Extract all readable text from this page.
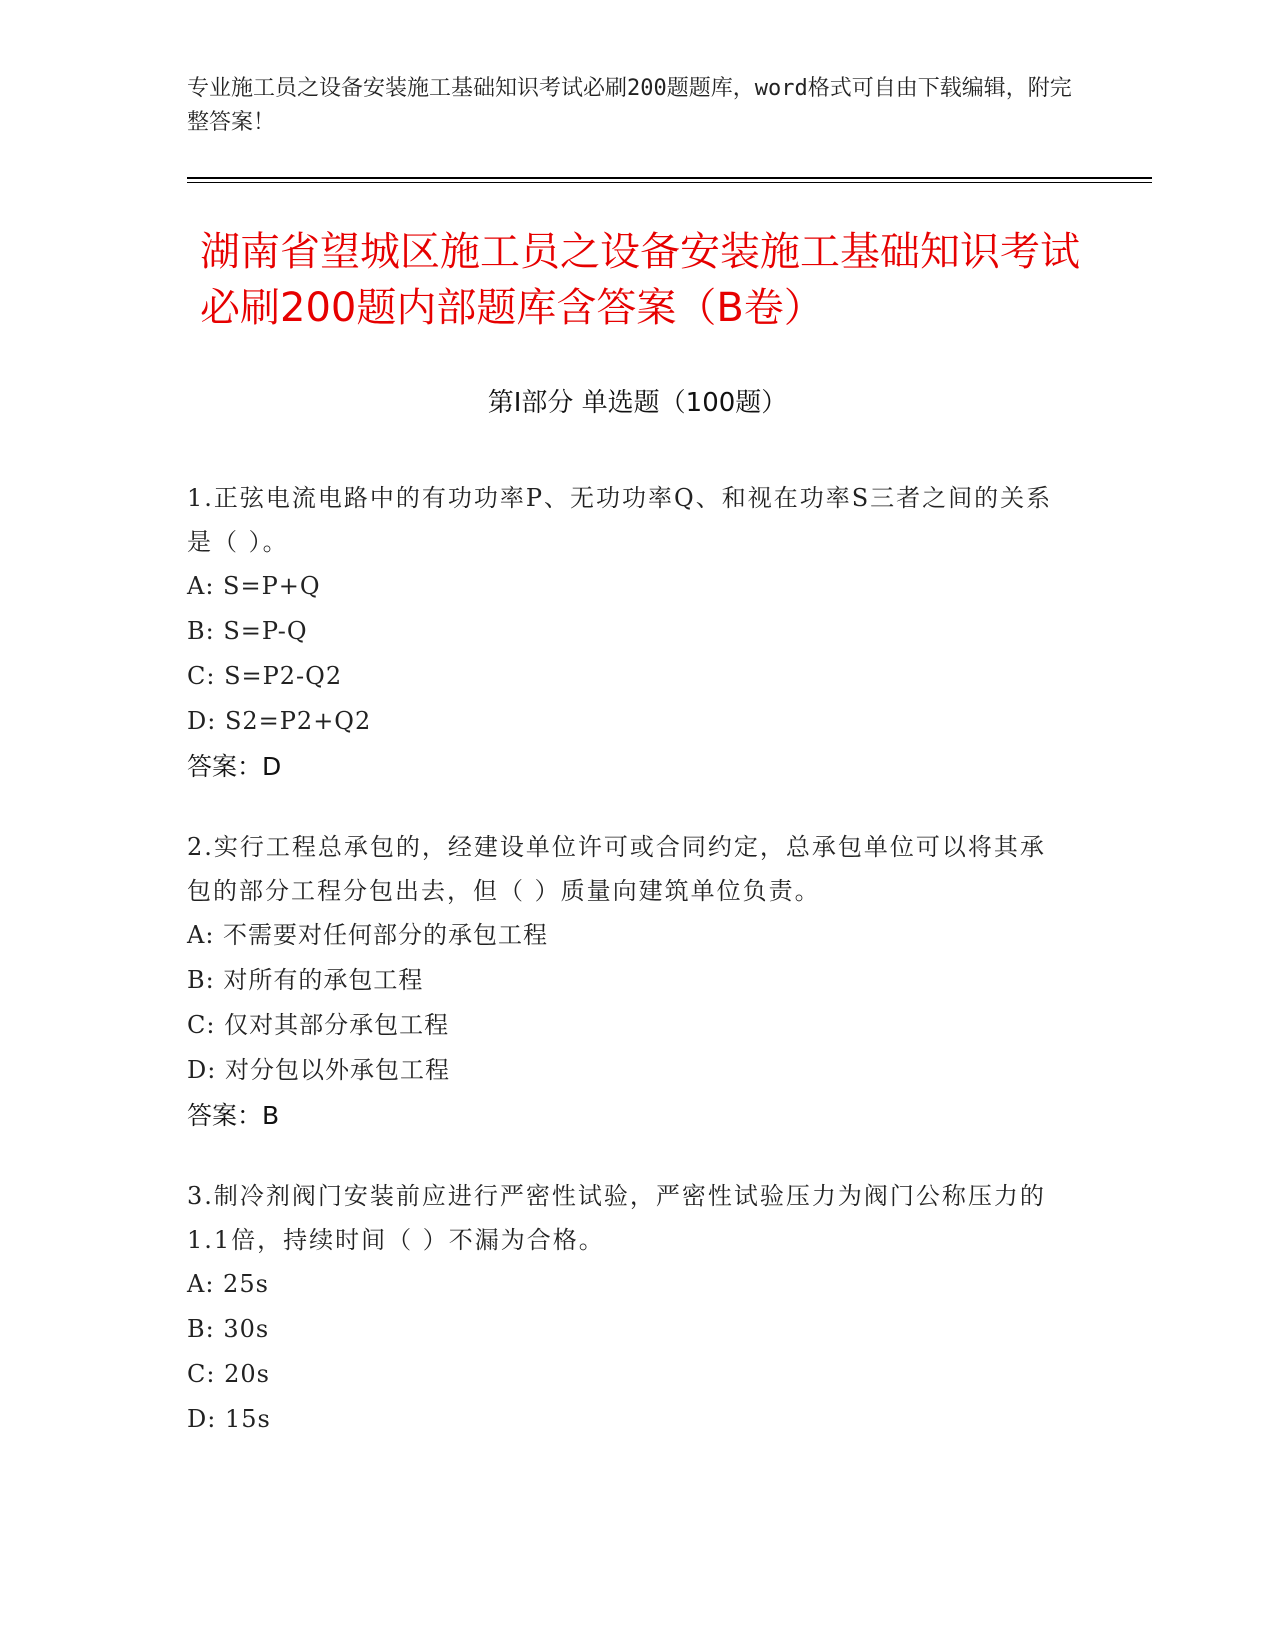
专业施工员之设备安装施工基础知识考试必刷200题题库，word格式可自由下载编辑，附完整答案！
湖南省望城区施工员之设备安装施工基础知识考试必刷200题内部题库含答案（B卷）
第I部分 单选题（100题）
1.正弦电流电路中的有功功率P、无功功率Q、和视在功率S三者之间的关系是（ ）。
A: S=P+Q
B: S=P-Q
C: S=P2-Q2
D: S2=P2+Q2
答案：D
2.实行工程总承包的，经建设单位许可或合同约定，总承包单位可以将其承包的部分工程分包出去，但（ ）质量向建筑单位负责。
A: 不需要对任何部分的承包工程
B: 对所有的承包工程
C: 仅对其部分承包工程
D: 对分包以外承包工程
答案：B
3.制冷剂阀门安装前应进行严密性试验，严密性试验压力为阀门公称压力的1.1倍，持续时间（ ）不漏为合格。
A: 25s
B: 30s
C: 20s
D: 15s
